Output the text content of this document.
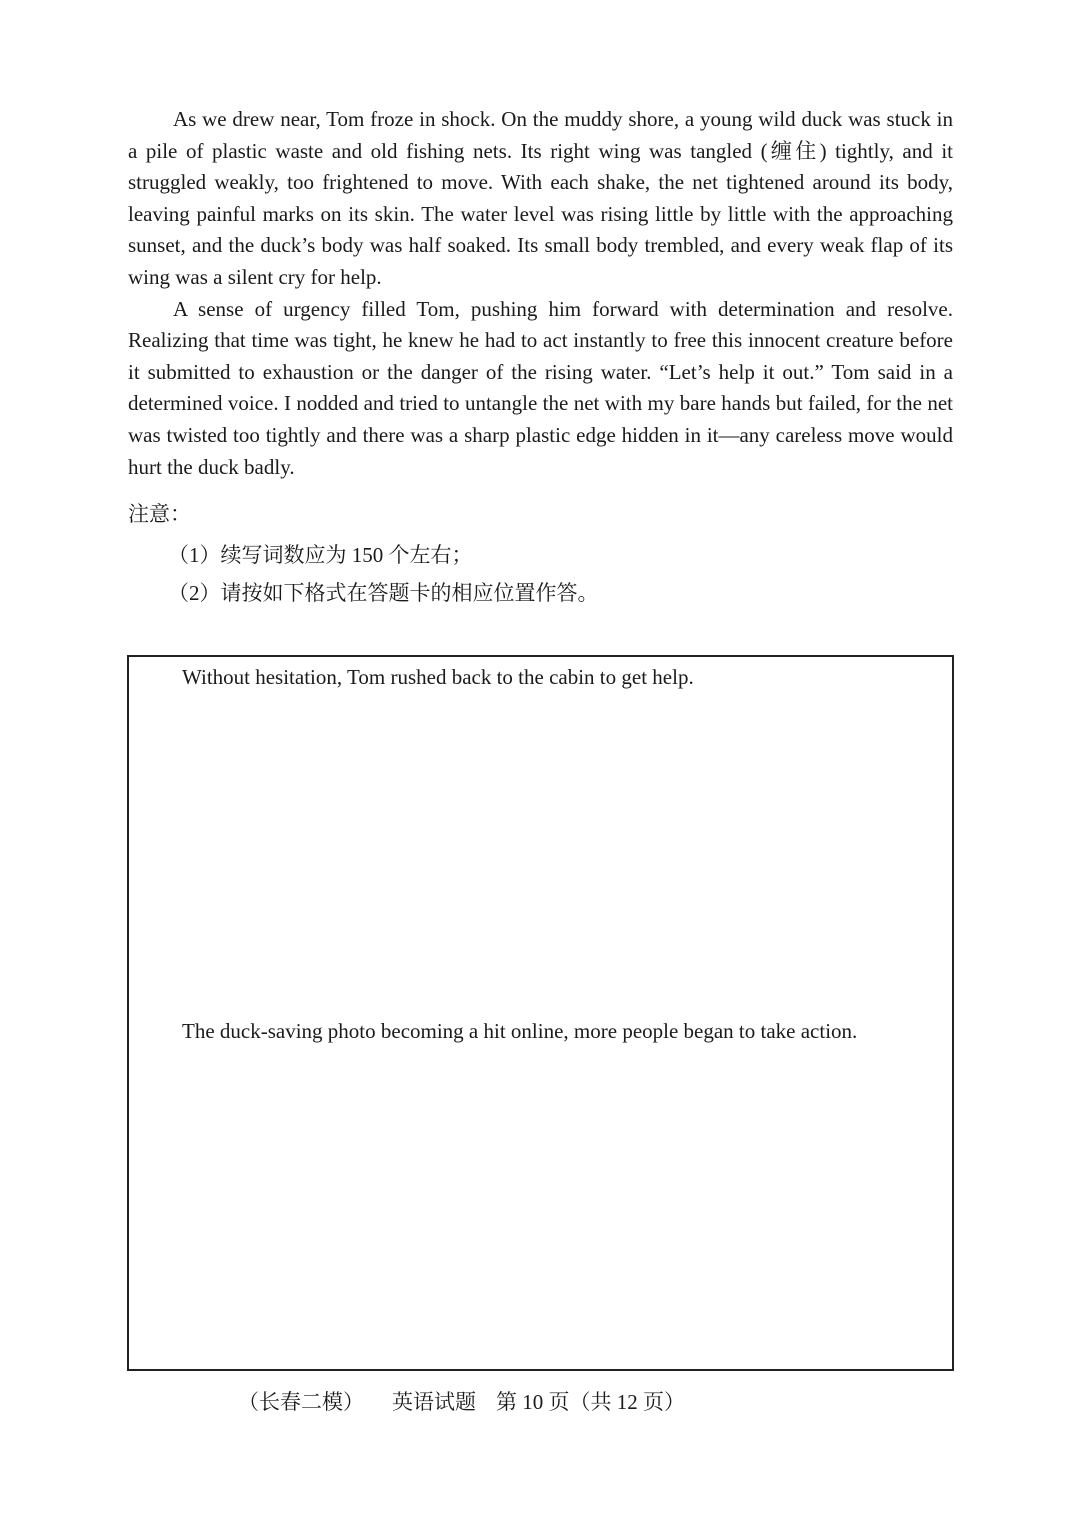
As we drew near, Tom froze in shock. On the muddy shore, a young wild duck was stuck in a pile of plastic waste and old fishing nets. Its right wing was tangled (缠住) tightly, and it struggled weakly, too frightened to move. With each shake, the net tightened around its body, leaving painful marks on its skin. The water level was rising little by little with the approaching sunset, and the duck’s body was half soaked. Its small body trembled, and every weak flap of its wing was a silent cry for help.

A sense of urgency filled Tom, pushing him forward with determination and resolve. Realizing that time was tight, he knew he had to act instantly to free this innocent creature before it submitted to exhaustion or the danger of the rising water. “Let’s help it out.” Tom said in a determined voice. I nodded and tried to untangle the net with my bare hands but failed, for the net was twisted too tightly and there was a sharp plastic edge hidden in it—any careless move would hurt the duck badly.

注意：
（1）续写词数应为 150 个左右；
（2）请按如下格式在答题卡的相应位置作答。
Without hesitation, Tom rushed back to the cabin to get help.
The duck-saving photo becoming a hit online, more people began to take action.
（长春二模） 英语试题 第 10 页（共 12 页）
